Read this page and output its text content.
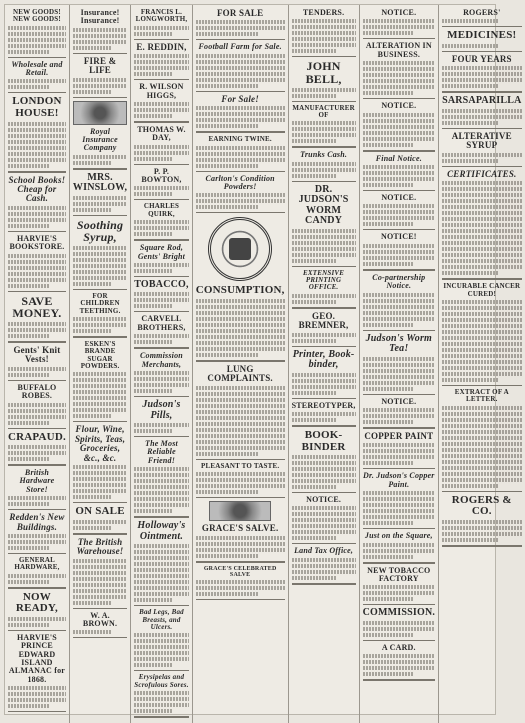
NEW GOODS! NEW GOODS!
Wholesale and Retail.
LONDON HOUSE!
School Books! Cheap for Cash.
HARVIE'S BOOKSTORE.
SAVE MONEY.
Gents' Knit Vests!
BUFFALO ROBES.
CRAPAUD.
British Hardware Store!
Redden's New Buildings.
GENERAL HARDWARE,
NOW READY,
HARVIE'S PRINCE EDWARD ISLAND ALMANAC for 1868.
Insurance! Insurance!
FIRE & LIFE
Royal Insurance Company
MRS. WINSLOW,
Soothing Syrup,
FOR CHILDREN TEETHING.
ESKEN'S BRANDE SUGAR POWDERS.
Flour, Wine, Spirits, Teas, Groceries, &c., &c.
ON SALE
The British Warehouse!
W. A. BROWN.
FRANCIS L. LONGWORTH,
E. REDDIN,
R. WILSON HIGGS,
THOMAS W. DAY,
P. P. BOWTON,
CHARLES QUIRK,
Square Rod, Gents' Bright
TOBACCO,
CARVELL BROTHERS,
Commission Merchants,
Judson's Pills,
The Most Reliable Friend!
Holloway's Ointment.
Bad Legs, Bad Breasts, and Ulcers.
Erysipelas and Scrofulous Sores.
FOR SALE
Football Farm for Sale.
For Sale!
EARNING TWINE.
Carlton's Condition Powders!
CONSUMPTION,
LUNG COMPLAINTS.
PLEASANT TO TASTE.
GRACE'S SALVE.
GRACE'S CELEBRATED SALVE
TENDERS.
JOHN BELL,
MANUFACTURER OF
Trunks Cash.
DR. JUDSON'S WORM CANDY
EXTENSIVE PRINTING OFFICE.
GEO. BREMNER,
Printer, Book-binder,
STEREOTYPER,
BOOK-BINDER
NOTICE.
Land Tax Office,
NOTICE.
ALTERATION IN BUSINESS.
NOTICE.
Final Notice.
NOTICE.
NOTICE!
Co-partnership Notice.
Judson's Worm Tea!
NOTICE.
COPPER PAINT
Dr. Judson's Copper Paint.
Just on the Square,
NEW TOBACCO FACTORY
COMMISSION.
A CARD.
ROGERS'
MEDICINES!
FOUR YEARS
SARSAPARILLA
ALTERATIVE SYRUP
CERTIFICATES.
INCURABLE CANCER CURED!
EXTRACT OF A LETTER.
ROGERS & CO.
